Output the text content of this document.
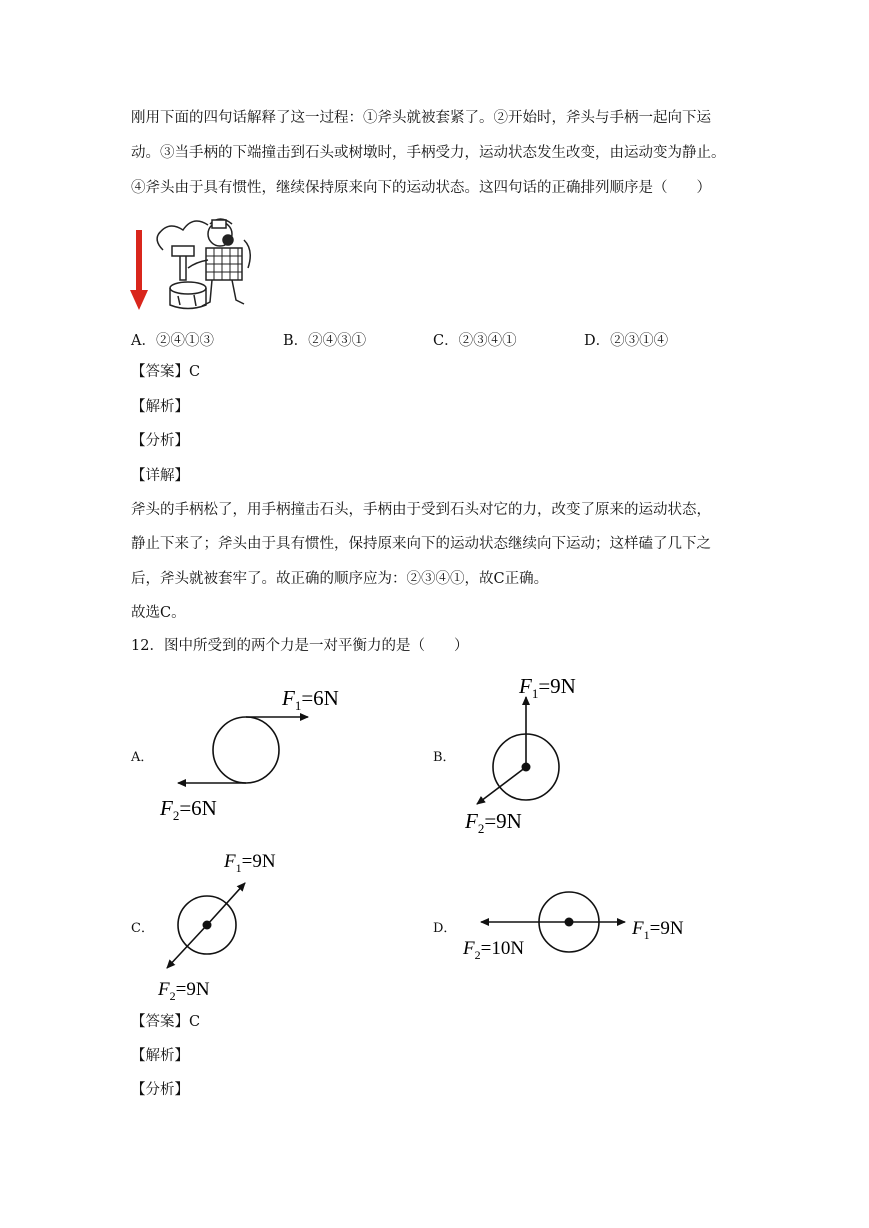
刚用下面的四句话解释了这一过程：①斧头就被套紧了。②开始时，斧头与手柄一起向下运
动。③当手柄的下端撞击到石头或树墩时，手柄受力，运动状态发生改变，由运动变为静止。
④斧头由于具有惯性，继续保持原来向下的运动状态。这四句话的正确排列顺序是（　　）
A．②④①③	B．②④③①	C．②③④①	D．②③①④
【答案】C
【解析】
【分析】
【详解】
斧头的手柄松了，用手柄撞击石头，手柄由于受到石头对它的力，改变了原来的运动状态，
静止下来了；斧头由于具有惯性，保持原来向下的运动状态继续向下运动；这样磕了几下之
后，斧头就被套牢了。故正确的顺序应为：②③④①，故C正确。
故选C。
12．图中所受到的两个力是一对平衡力的是（　　）
A．
$F_1=6N$
$F_2=6N$
B．
$F_1=9N$
$F_2=9N$
C．
$F_1=9N$
$F_2=9N$
D．	$F_1=9N$
$F_2=10N$
【答案】C
【解析】
【分析】
